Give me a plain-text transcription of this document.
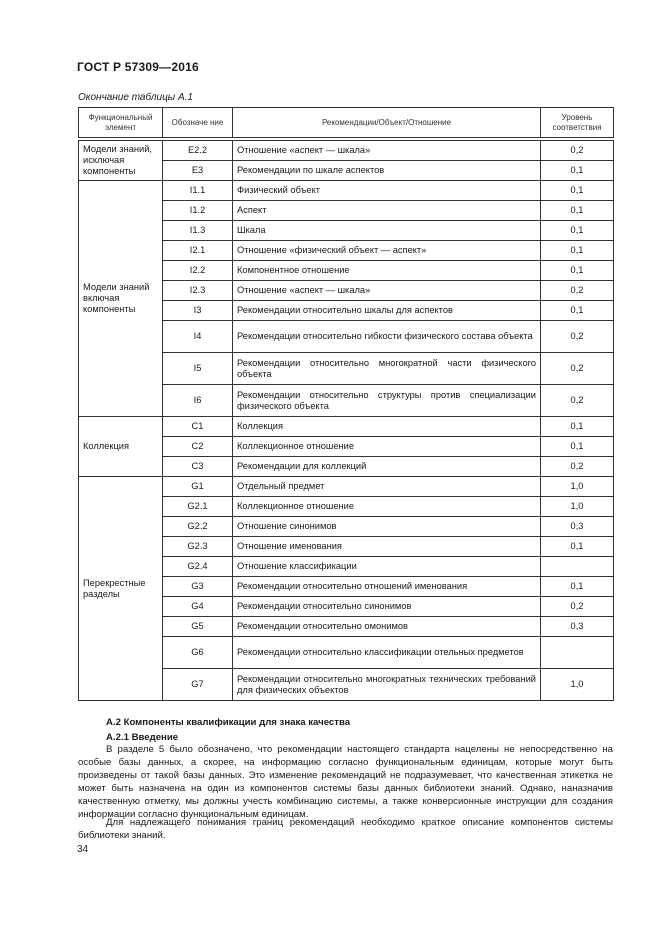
ГОСТ Р 57309—2016
Окончание таблицы А.1
Функциональный элемент	Обозначе ние	Рекомендации/Объект/Отношение	Уровень соответствия
Модели знаний, исключая компоненты	E2.2	Отношение «аспект — шкала»	0,2
	E3	Рекомендации по шкале аспектов	0,1
Модели знаний включая компоненты	I1.1	Физический объект	0,1
	I1.2	Аспект	0,1
	I1.3	Шкала	0,1
	I2.1	Отношение «физический объект — аспект»	0,1
	I2.2	Компонентное отношение	0,1
	I2.3	Отношение «аспект — шкала»	0,2
	I3	Рекомендации относительно шкалы для аспектов	0,1
	I4	Рекомендации относительно гибкости физического состава объекта	0,2
	I5	Рекомендации относительно многократной части физического объекта	0,2
	I6	Рекомендации относительно структуры против специализации физического объекта	0,2
Коллекция	C1	Коллекция	0,1
	C2	Коллекционное отношение	0,1
	C3	Рекомендации для коллекций	0,2
Перекрестные разделы	G1	Отдельный предмет	1,0
	G2.1	Коллекционное отношение	1,0
	G2.2	Отношение синонимов	0,3
	G2.3	Отношение именования	0,1
	G2.4	Отношение классификации	
	G3	Рекомендации относительно отношений именования	0,1
	G4	Рекомендации относительно синонимов	0,2
	G5	Рекомендации относительно омонимов	0,3
	G6	Рекомендации относительно классификации отельных предметов	
	G7	Рекомендации относительно многократных технических требований для физических объектов	1,0
А.2 Компоненты квалификации для знака качества
А.2.1 Введение
В разделе 5 было обозначено, что рекомендации настоящего стандарта нацелены не непосредственно на особые базы данных, а скорее, на информацию согласно функциональным единицам, которые могут быть произведены от такой базы данных. Это изменение рекомендаций не подразумевает, что качественная этикетка не может быть назначена на один из компонентов системы базы данных библиотеки знаний. Однако, наназначив качественную отметку, мы должны учесть комбинацию системы, а также конверсионные инструкции для создания информации согласно функциональным единицам.
Для надлежащего понимания границ рекомендаций необходимо краткое описание компонентов системы библиотеки знаний.
34
